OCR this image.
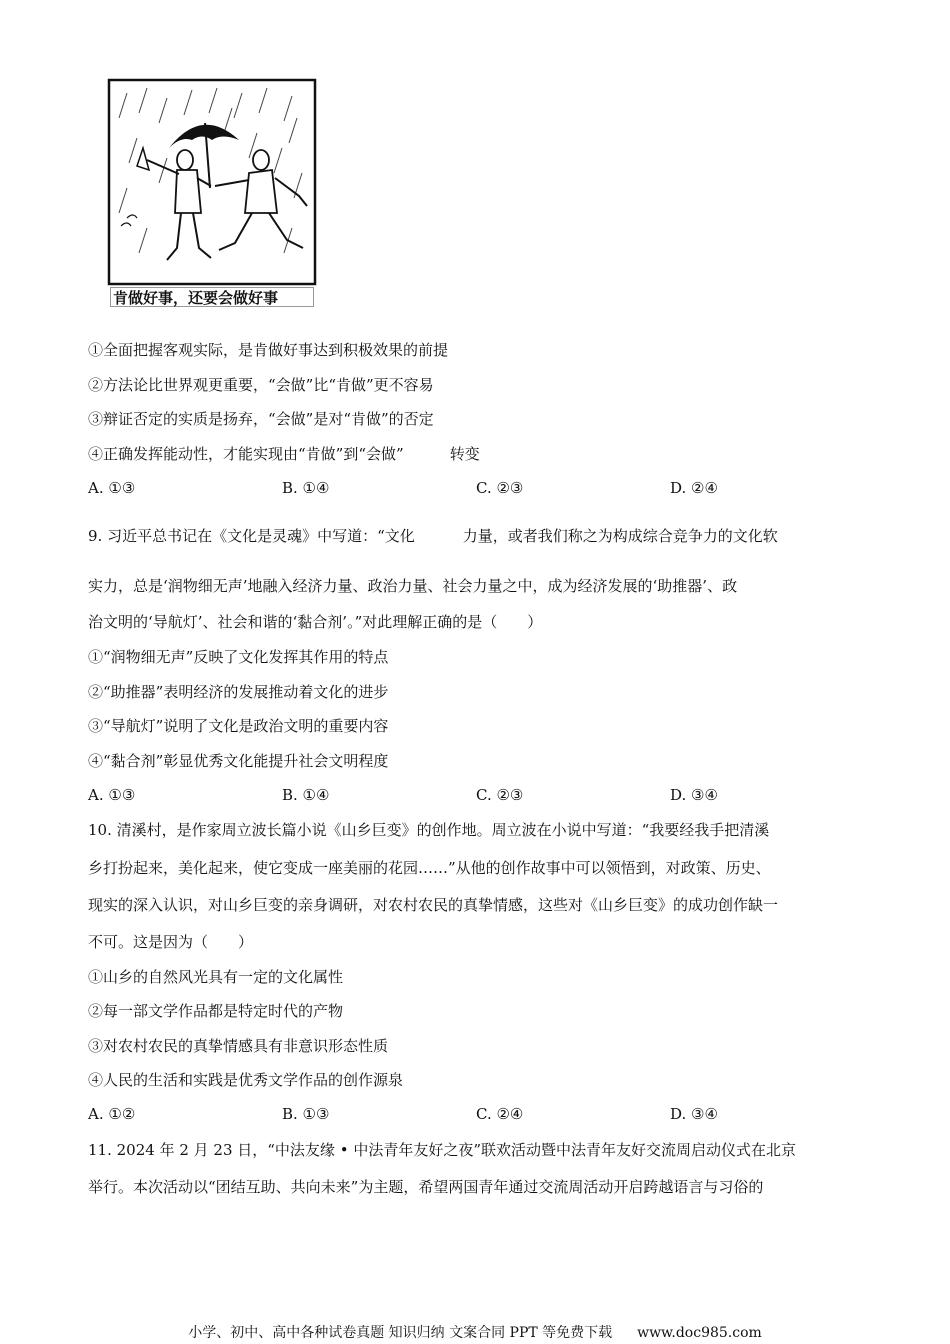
肯做好事，还要会做好事
①全面把握客观实际，是肯做好事达到积极效果的前提
②方法论比世界观更重要，“会做”比“肯做”更不容易
③辩证否定的实质是扬弃，“会做”是对“肯做”的否定
④正确发挥能动性，才能实现由“肯做”到“会做”	转变
A. ①③	B. ①④	C. ②③	D. ②④
9. 习近平总书记在《文化是灵魂》中写道：“文化	力量，或者我们称之为构成综合竞争力的文化软
实力，总是‘润物细无声’地融入经济力量、政治力量、社会力量之中，成为经济发展的‘助推器’、政
治文明的‘导航灯’、社会和谐的‘黏合剂’。”对此理解正确的是（　　）
①“润物细无声”反映了文化发挥其作用的特点
②“助推器”表明经济的发展推动着文化的进步
③“导航灯”说明了文化是政治文明的重要内容
④“黏合剂”彰显优秀文化能提升社会文明程度
A. ①③	B. ①④	C. ②③	D. ③④
10. 清溪村，是作家周立波长篇小说《山乡巨变》的创作地。周立波在小说中写道：“我要经我手把清溪
乡打扮起来，美化起来，使它变成一座美丽的花园……”从他的创作故事中可以领悟到，对政策、历史、
现实的深入认识，对山乡巨变的亲身调研，对农村农民的真挚情感，这些对《山乡巨变》的成功创作缺一
不可。这是因为（　　）
①山乡的自然风光具有一定的文化属性
②每一部文学作品都是特定时代的产物
③对农村农民的真挚情感具有非意识形态性质
④人民的生活和实践是优秀文学作品的创作源泉
A. ①②	B. ①③	C. ②④	D. ③④
11. 2024 年 2 月 23 日，“中法友缘 • 中法青年友好之夜”联欢活动暨中法青年友好交流周启动仪式在北京
举行。本次活动以“团结互助、共向未来”为主题，希望两国青年通过交流周活动开启跨越语言与习俗的
小学、初中、高中各种试卷真题 知识归纳 文案合同 PPT 等免费下载 www.doc985.com
